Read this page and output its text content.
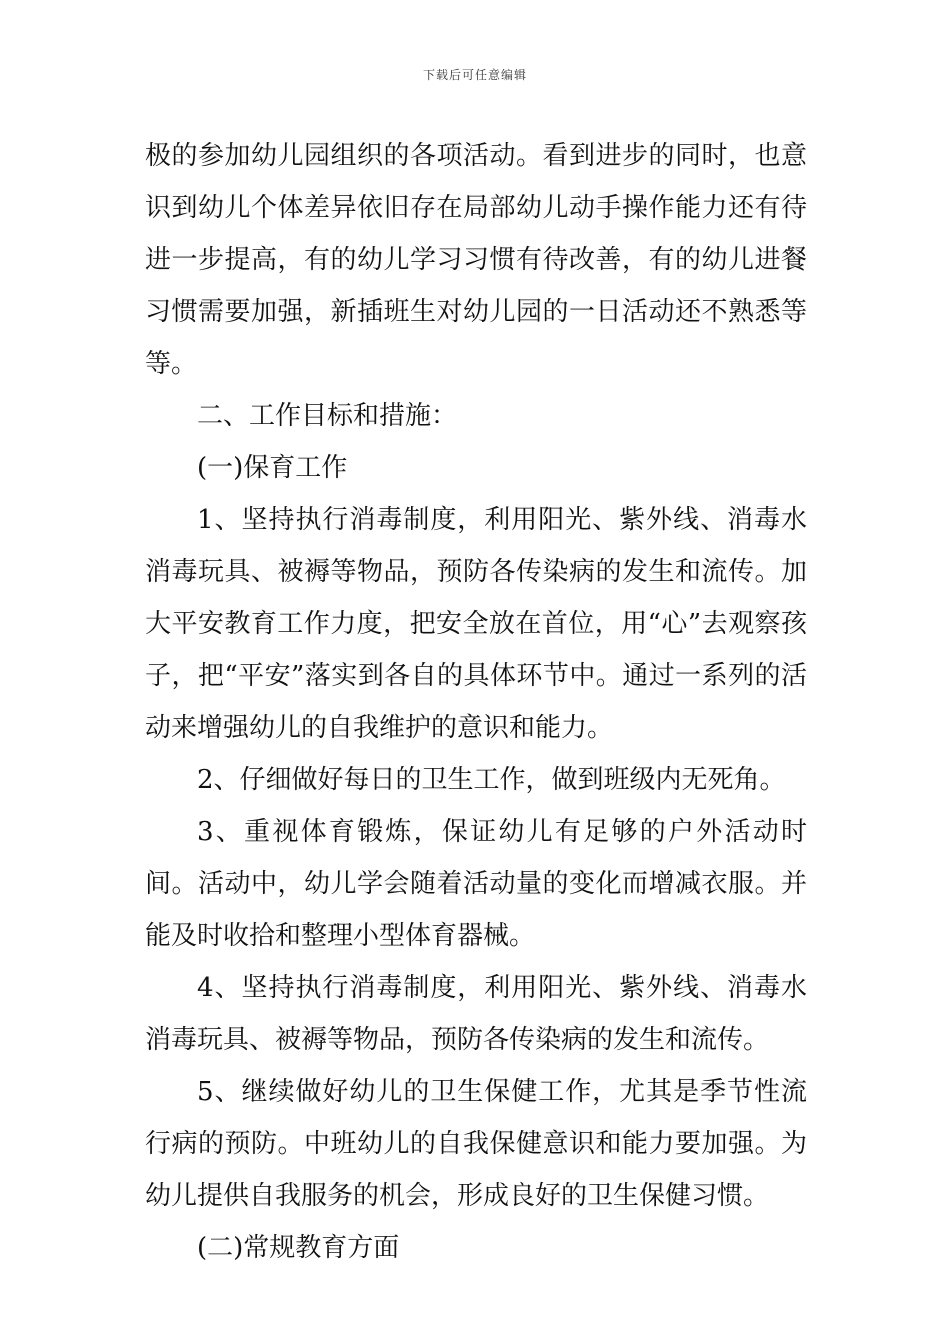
下载后可任意编辑

极的参加幼儿园组织的各项活动。看到进步的同时，也意识到幼儿个体差异依旧存在局部幼儿动手操作能力还有待进一步提高，有的幼儿学习习惯有待改善，有的幼儿进餐习惯需要加强，新插班生对幼儿园的一日活动还不熟悉等等。

二、工作目标和措施：

(一)保育工作

1、坚持执行消毒制度，利用阳光、紫外线、消毒水消毒玩具、被褥等物品，预防各传染病的发生和流传。加大平安教育工作力度，把安全放在首位，用“心”去观察孩子，把“平安”落实到各自的具体环节中。通过一系列的活动来增强幼儿的自我维护的意识和能力。

2、仔细做好每日的卫生工作，做到班级内无死角。

3、重视体育锻炼，保证幼儿有足够的户外活动时间。活动中，幼儿学会随着活动量的变化而增减衣服。并能及时收拾和整理小型体育器械。

4、坚持执行消毒制度，利用阳光、紫外线、消毒水消毒玩具、被褥等物品，预防各传染病的发生和流传。

5、继续做好幼儿的卫生保健工作，尤其是季节性流行病的预防。中班幼儿的自我保健意识和能力要加强。为幼儿提供自我服务的机会，形成良好的卫生保健习惯。

(二)常规教育方面
